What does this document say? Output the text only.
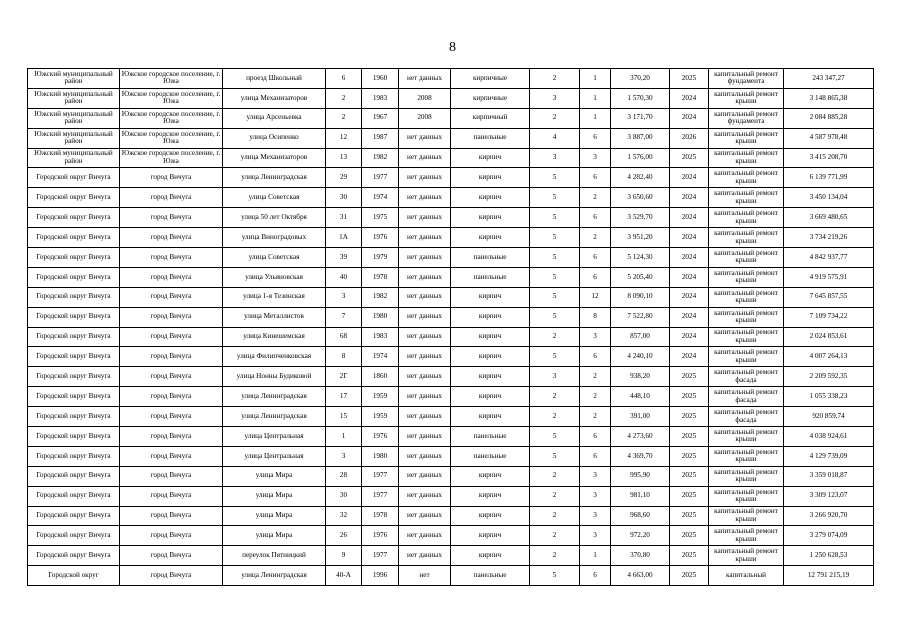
8
Южский муниципальный район	Южское городское поселение, г. Южа	проезд Школьный	6	1960	нет данных	кирпичные	2	1	370,20	2025	капитальный ремонт фундамента	243 347,27
Южский муниципальный район	Южское городское поселение, г. Южа	улица Механизаторов	2	1983	2008	кирпичные	3	1	1 570,30	2024	капитальный ремонт крыши	3 148 865,38
Южский муниципальный район	Южское городское поселение, г. Южа	улица Арсеньевка	2	1967	2008	кирпичный	2	1	3 171,70	2024	капитальный ремонт фундамента	2 084 885,28
Южский муниципальный район	Южское городское поселение, г. Южа	улица Осипенко	12	1987	нет данных	панельные	4	6	3 887,00	2026	капитальный ремонт крыши	4 587 978,48
Южский муниципальный район	Южское городское поселение, г. Южа	улица Механизаторов	13	1982	нет данных	кирпич	3	3	1 576,00	2025	капитальный ремонт крыши	3 415 208,70
Городской округ Вичуга	город Вичуга	улица Ленинградская	29	1977	нет данных	кирпич	5	6	4 282,40	2024	капитальный ремонт крыши	6 139 771,99
Городской округ Вичуга	город Вичуга	улица Советская	30	1974	нет данных	кирпич	5	2	3 650,60	2024	капитальный ремонт крыши	3 450 134,04
Городской округ Вичуга	город Вичуга	улица 50 лет Октября	31	1975	нет данных	кирпич	5	6	3 529,70	2024	капитальный ремонт крыши	3 669 480,65
Городской округ Вичуга	город Вичуга	улица Виноградовых	1А	1976	нет данных	кирпич	5	2	3 951,20	2024	капитальный ремонт крыши	3 734 219,26
Городской округ Вичуга	город Вичуга	улица Советская	39	1979	нет данных	панельные	5	6	5 124,30	2024	капитальный ремонт крыши	4 842 937,77
Городской округ Вичуга	город Вичуга	улица Ульяновская	40	1978	нет данных	панельные	5	6	5 205,40	2024	капитальный ремонт крыши	4 919 575,91
Городской округ Вичуга	город Вичуга	улица 1-я Тезинская	3	1982	нет данных	кирпич	5	12	8 090,10	2024	капитальный ремонт крыши	7 645 857,55
Городской округ Вичуга	город Вичуга	улица Металлистов	7	1980	нет данных	кирпич	5	8	7 522,80	2024	капитальный ремонт крыши	7 109 734,22
Городской округ Вичуга	город Вичуга	улица Кинешемская	68	1983	нет данных	кирпич	2	3	857,00	2024	капитальный ремонт крыши	2 024 853,61
Городской округ Вичуга	город Вичуга	улица Филипченковская	8	1974	нет данных	кирпич	5	6	4 240,10	2024	капитальный ремонт крыши	4 007 264,13
Городской округ Вичуга	город Вичуга	улица Нонны Будиковой	2Г	1860	нет данных	кирпич	3	2	938,20	2025	капитальный ремонт фасада	2 209 592,35
Городской округ Вичуга	город Вичуга	улица Ленинградская	17	1959	нет данных	кирпич	2	2	448,10	2025	капитальный ремонт фасада	1 055 338,23
Городской округ Вичуга	город Вичуга	улица Ленинградская	15	1959	нет данных	кирпич	2	2	391,00	2025	капитальный ремонт фасада	920 859,74
Городской округ Вичуга	город Вичуга	улица Центральная	1	1976	нет данных	панельные	5	6	4 273,60	2025	капитальный ремонт крыши	4 038 924,61
Городской округ Вичуга	город Вичуга	улица Центральная	3	1980	нет данных	панельные	5	6	4 369,70	2025	капитальный ремонт крыши	4 129 739,09
Городской округ Вичуга	город Вичуга	улица Мира	28	1977	нет данных	кирпич	2	3	995,90	2025	капитальный ремонт крыши	3 359 018,87
Городской округ Вичуга	город Вичуга	улица Мира	30	1977	нет данных	кирпич	2	3	981,10	2025	капитальный ремонт крыши	3 309 123,07
Городской округ Вичуга	город Вичуга	улица Мира	32	1978	нет данных	кирпич	2	3	968,60	2025	капитальный ремонт крыши	3 266 920,70
Городской округ Вичуга	город Вичуга	улица Мира	26	1976	нет данных	кирпич	2	3	972,20	2025	капитальный ремонт крыши	3 279 074,09
Городской округ Вичуга	город Вичуга	переулок Пятницкий	9	1977	нет данных	кирпич	2	1	370,80	2025	капитальный ремонт крыши	1 250 628,53
Городской округ	город Вичуга	улица Ленинградская	40-А	1996	нет	панельные	5	6	4 663,00	2025	капитальный	12 791 215,19
